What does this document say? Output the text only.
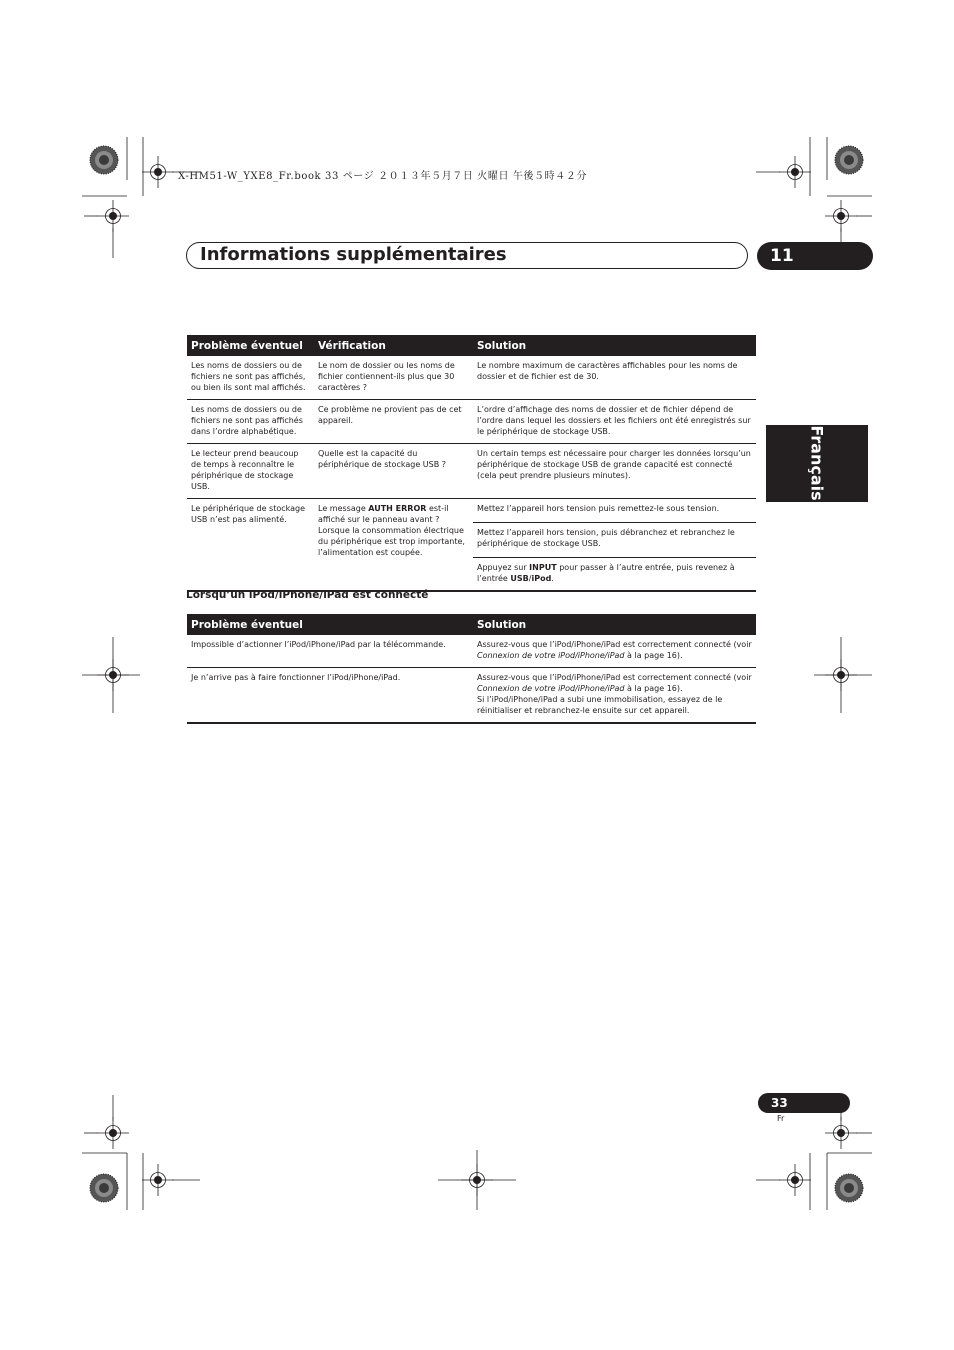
X-HM51-W_YXE8_Fr.book 33 ページ ２０１３年５月７日 火曜日 午後５時４２分
Informations supplémentaires	11
Français
Problème éventuel	Vérification	Solution
Les noms de dossiers ou de fichiers ne sont pas affichés, ou bien ils sont mal affichés.	Le nom de dossier ou les noms de fichier contiennent-ils plus que 30 caractères ?	Le nombre maximum de caractères affichables pour les noms de dossier et de fichier est de 30.
Les noms de dossiers ou de fichiers ne sont pas affichés dans l’ordre alphabétique.	Ce problème ne provient pas de cet appareil.	L’ordre d’affichage des noms de dossier et de fichier dépend de l’ordre dans lequel les dossiers et les fichiers ont été enregistrés sur le périphérique de stockage USB.
Le lecteur prend beaucoup de temps à reconnaître le périphérique de stockage USB.	Quelle est la capacité du périphérique de stockage USB ?	Un certain temps est nécessaire pour charger les données lorsqu’un périphérique de stockage USB de grande capacité est connecté (cela peut prendre plusieurs minutes).
Le périphérique de stockage USB n’est pas alimenté.	Le message AUTH ERROR est-il affiché sur le panneau avant ? Lorsque la consommation électrique du périphérique est trop importante, l’alimentation est coupée.	Mettez l’appareil hors tension puis remettez-le sous tension.
		Mettez l’appareil hors tension, puis débranchez et rebranchez le périphérique de stockage USB.
		Appuyez sur INPUT pour passer à l’autre entrée, puis revenez à l’entrée USB/iPod.
Lorsqu’un iPod/iPhone/iPad est connecté
Problème éventuel	Solution
Impossible d’actionner l’iPod/iPhone/iPad par la télécommande.	Assurez-vous que l’iPod/iPhone/iPad est correctement connecté (voir Connexion de votre iPod/iPhone/iPad à la page 16).
Je n’arrive pas à faire fonctionner l’iPod/iPhone/iPad.	Assurez-vous que l’iPod/iPhone/iPad est correctement connecté (voir Connexion de votre iPod/iPhone/iPad à la page 16).
Si l’iPod/iPhone/iPad a subi une immobilisation, essayez de le réinitialiser et rebranchez-le ensuite sur cet appareil.
33
Fr
